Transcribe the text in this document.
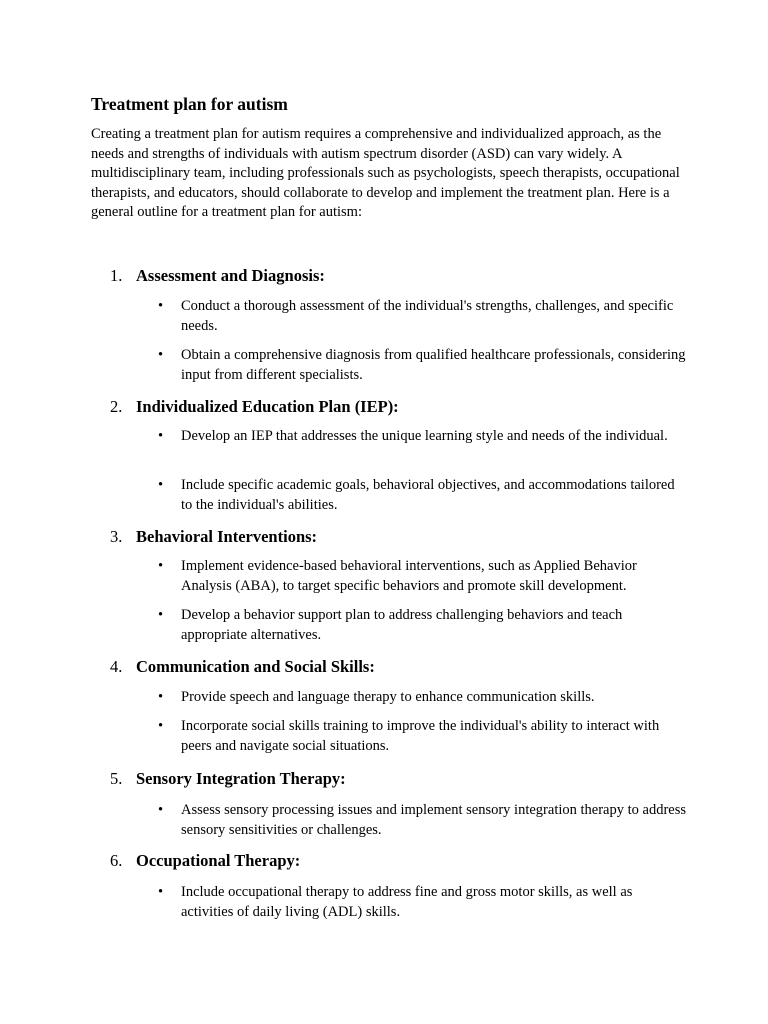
Treatment plan for autism

Creating a treatment plan for autism requires a comprehensive and individualized approach, as the needs and strengths of individuals with autism spectrum disorder (ASD) can vary widely. A multidisciplinary team, including professionals such as psychologists, speech therapists, occupational therapists, and educators, should collaborate to develop and implement the treatment plan. Here is a general outline for a treatment plan for autism:

1. Assessment and Diagnosis:
• Conduct a thorough assessment of the individual's strengths, challenges, and specific needs.
• Obtain a comprehensive diagnosis from qualified healthcare professionals, considering input from different specialists.
2. Individualized Education Plan (IEP):
• Develop an IEP that addresses the unique learning style and needs of the individual.
• Include specific academic goals, behavioral objectives, and accommodations tailored to the individual's abilities.
3. Behavioral Interventions:
• Implement evidence-based behavioral interventions, such as Applied Behavior Analysis (ABA), to target specific behaviors and promote skill development.
• Develop a behavior support plan to address challenging behaviors and teach appropriate alternatives.
4. Communication and Social Skills:
• Provide speech and language therapy to enhance communication skills.
• Incorporate social skills training to improve the individual's ability to interact with peers and navigate social situations.
5. Sensory Integration Therapy:
• Assess sensory processing issues and implement sensory integration therapy to address sensory sensitivities or challenges.
6. Occupational Therapy:
• Include occupational therapy to address fine and gross motor skills, as well as activities of daily living (ADL) skills.
